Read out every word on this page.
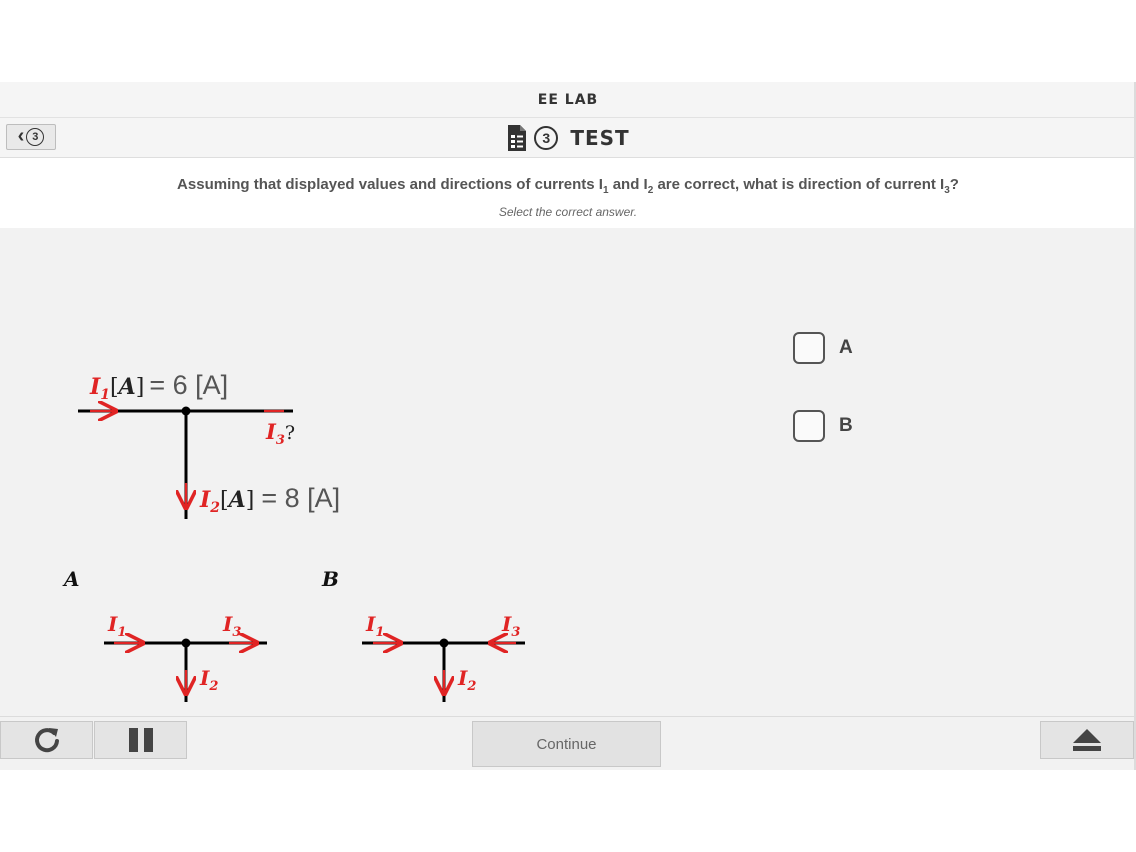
EE LAB
‹ 3	3	TEST
Assuming that displayed values and directions of currents $I_1$ and $I_2$ are correct, what is direction of current $I_3$?
Select the correct answer.
I1[A] = 6 [A]
$I_3$?
I2[A] = 8 [A]
A
$I_1$	$I_3$
$I_2$
B
$I_1$	$I_3$
$I_2$
A
B
Continue
